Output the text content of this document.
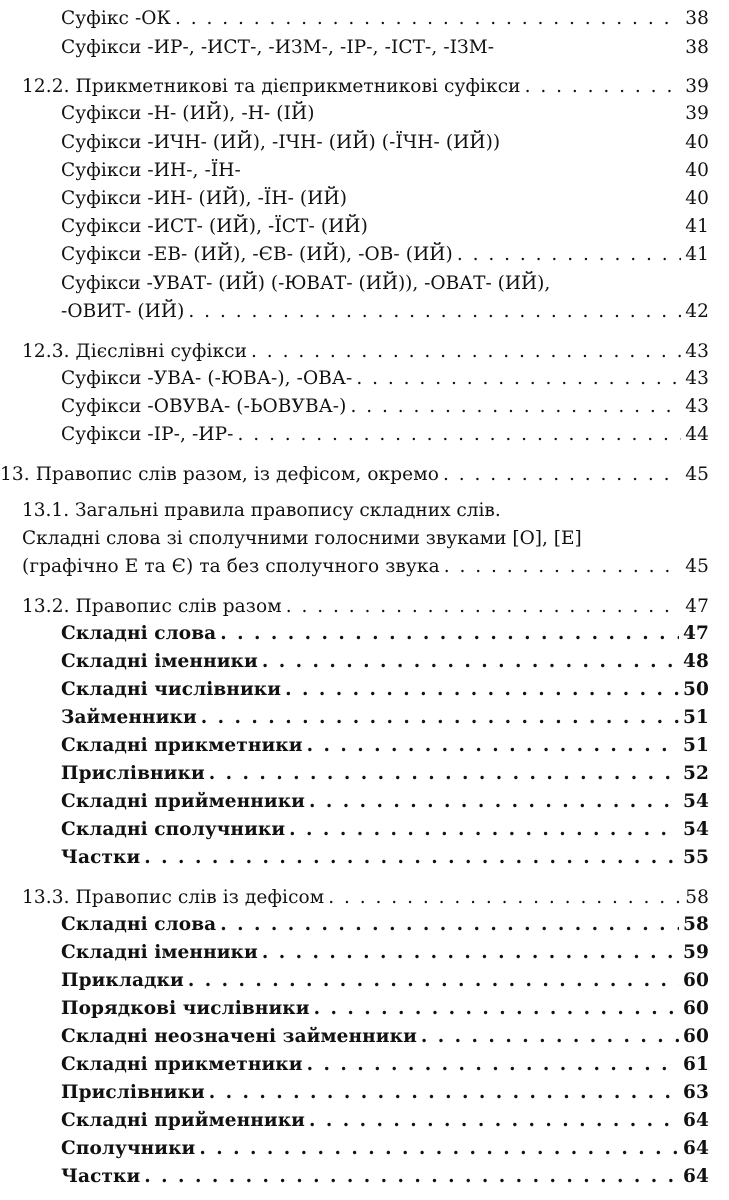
Суфікс -ОК . . .	38
Суфікси -ИР-, -ИСТ-, -ИЗМ-, -ІР-, -ІСТ-, -ІЗМ-	38
12.2. Прикметникові та дієприкметникові суфікси . . .	39
Суфікси -Н- (ИЙ), -Н- (ІЙ)	39
Суфікси -ИЧН- (ИЙ), -ІЧН- (ИЙ) (-ЇЧН- (ИЙ))	40
Суфікси -ИН-, -ЇН-	40
Суфікси -ИН- (ИЙ), -ЇН- (ИЙ)	40
Суфікси -ИСТ- (ИЙ), -ЇСТ- (ИЙ)	41
Суфікси -ЕВ- (ИЙ), -ЄВ- (ИЙ), -ОВ- (ИЙ) . . .	41
Суфікси -УВАТ- (ИЙ) (-ЮВАТ- (ИЙ)), -ОВАТ- (ИЙ),
-ОВИТ- (ИЙ) . . .	42
12.3. Дієслівні суфікси . . .	43
Суфікси -УВА- (-ЮВА-), -ОВА- . . .	43
Суфікси -ОВУВА- (-ЬОВУВА-) . . .	43
Суфікси -ІР-, -ИР- . . .	44
13. Правопис слів разом, із дефісом, окремо . . .	45
13.1. Загальні правила правопису складних слів.
Складні слова зі сполучними голосними звуками [О], [Е]
(графічно Е та Є) та без сполучного звука . . .	45
13.2. Правопис слів разом . . .	47
Складні слова . . .	47
Складні іменники . . .	48
Складні числівники . . .	50
Займенники . . .	51
Складні прикметники . . .	51
Прислівники . . .	52
Складні прийменники . . .	54
Складні сполучники . . .	54
Частки . . .	55
13.3. Правопис слів із дефісом . . .	58
Складні слова . . .	58
Складні іменники . . .	59
Прикладки . . .	60
Порядкові числівники . . .	60
Складні неозначені займенники . . .	60
Складні прикметники . . .	61
Прислівники . . .	63
Складні прийменники . . .	64
Сполучники . . .	64
Частки . . .	64
